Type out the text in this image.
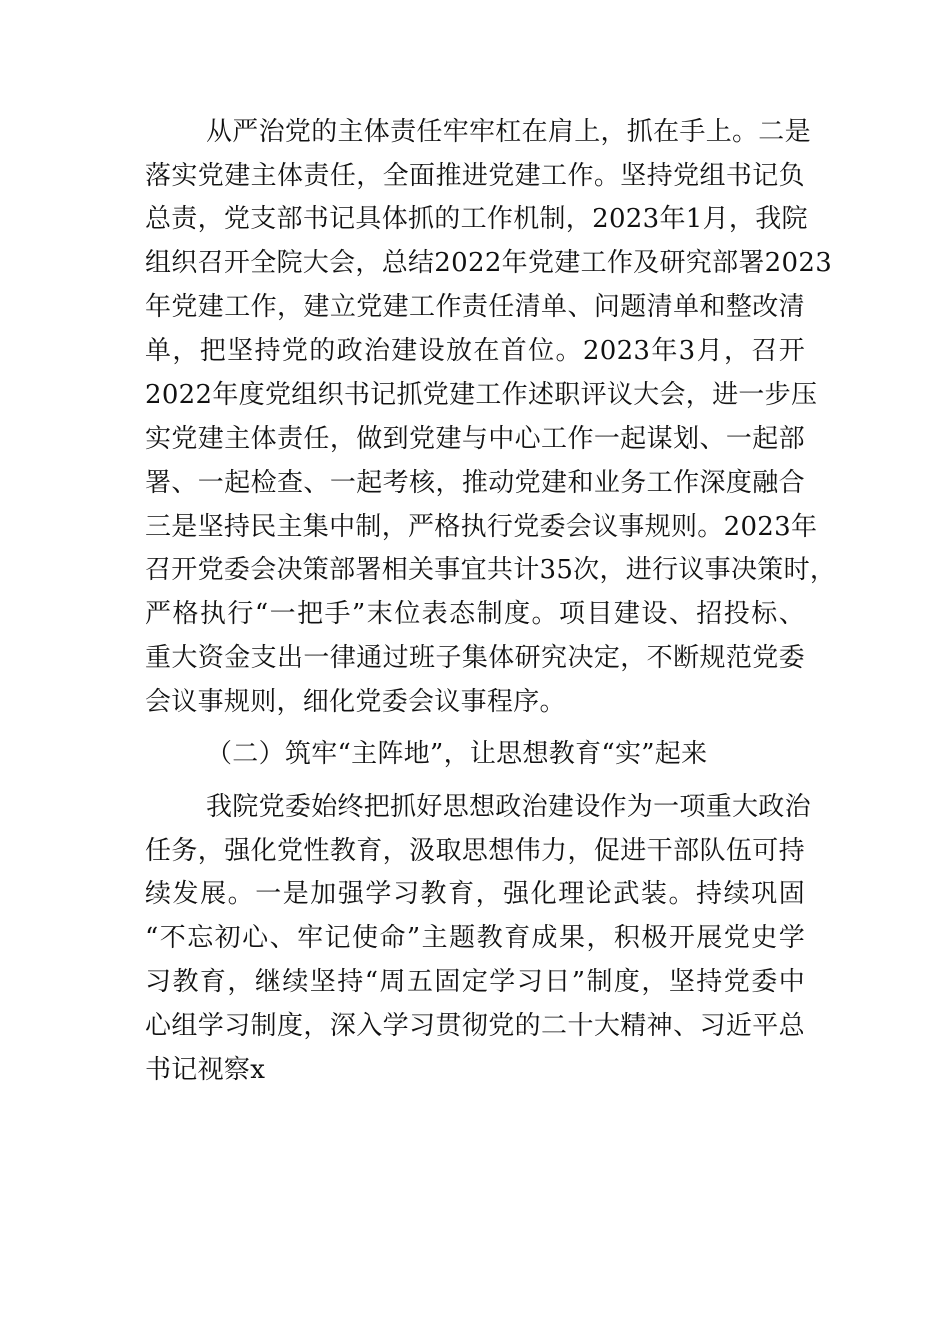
从严治党的主体责任牢牢杠在肩上，抓在手上。二是
落实党建主体责任，全面推进党建工作。坚持党组书记负
总责，党支部书记具体抓的工作机制，2023年1月，我院
组织召开全院大会，总结2022年党建工作及研究部署2023
年党建工作，建立党建工作责任清单、问题清单和整改清
单，把坚持党的政治建设放在首位。2023年3月，召开
2022年度党组织书记抓党建工作述职评议大会，进一步压
实党建主体责任，做到党建与中心工作一起谋划、一起部
署、一起检查、一起考核，推动党建和业务工作深度融合
三是坚持民主集中制，严格执行党委会议事规则。2023年
召开党委会决策部署相关事宜共计35次，进行议事决策时，
严格执行“一把手”末位表态制度。项目建设、招投标、
重大资金支出一律通过班子集体研究决定，不断规范党委
会议事规则，细化党委会议事程序。
（二）筑牢“主阵地”，让思想教育“实”起来
我院党委始终把抓好思想政治建设作为一项重大政治
任务，强化党性教育，汲取思想伟力，促进干部队伍可持
续发展。一是加强学习教育，强化理论武装。持续巩固
“不忘初心、牢记使命”主题教育成果，积极开展党史学
习教育，继续坚持“周五固定学习日”制度，坚持党委中
心组学习制度，深入学习贯彻党的二十大精神、习近平总
书记视察x
